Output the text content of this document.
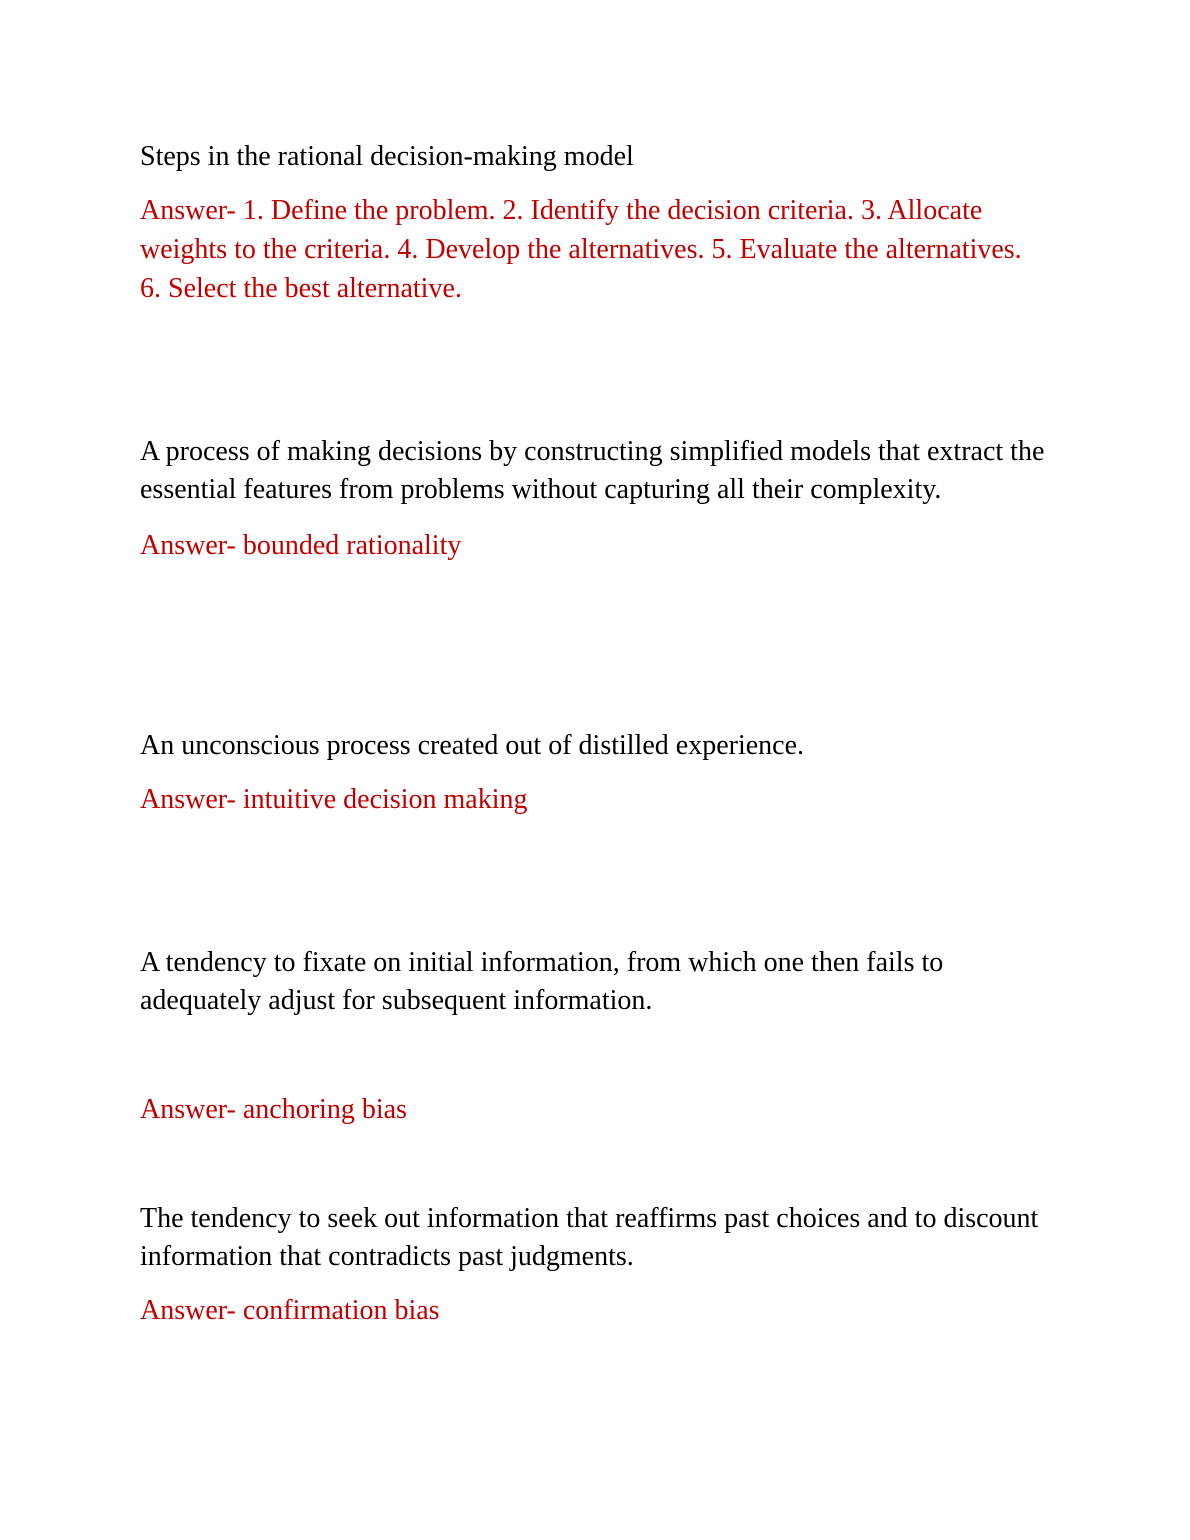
Steps in the rational decision-making model

Answer- 1. Define the problem. 2. Identify the decision criteria. 3. Allocate weights to the criteria. 4. Develop the alternatives. 5. Evaluate the alternatives. 6. Select the best alternative.

A process of making decisions by constructing simplified models that extract the essential features from problems without capturing all their complexity.

Answer- bounded rationality

An unconscious process created out of distilled experience.

Answer- intuitive decision making

A tendency to fixate on initial information, from which one then fails to adequately adjust for subsequent information.

Answer- anchoring bias

The tendency to seek out information that reaffirms past choices and to discount information that contradicts past judgments.

Answer- confirmation bias
